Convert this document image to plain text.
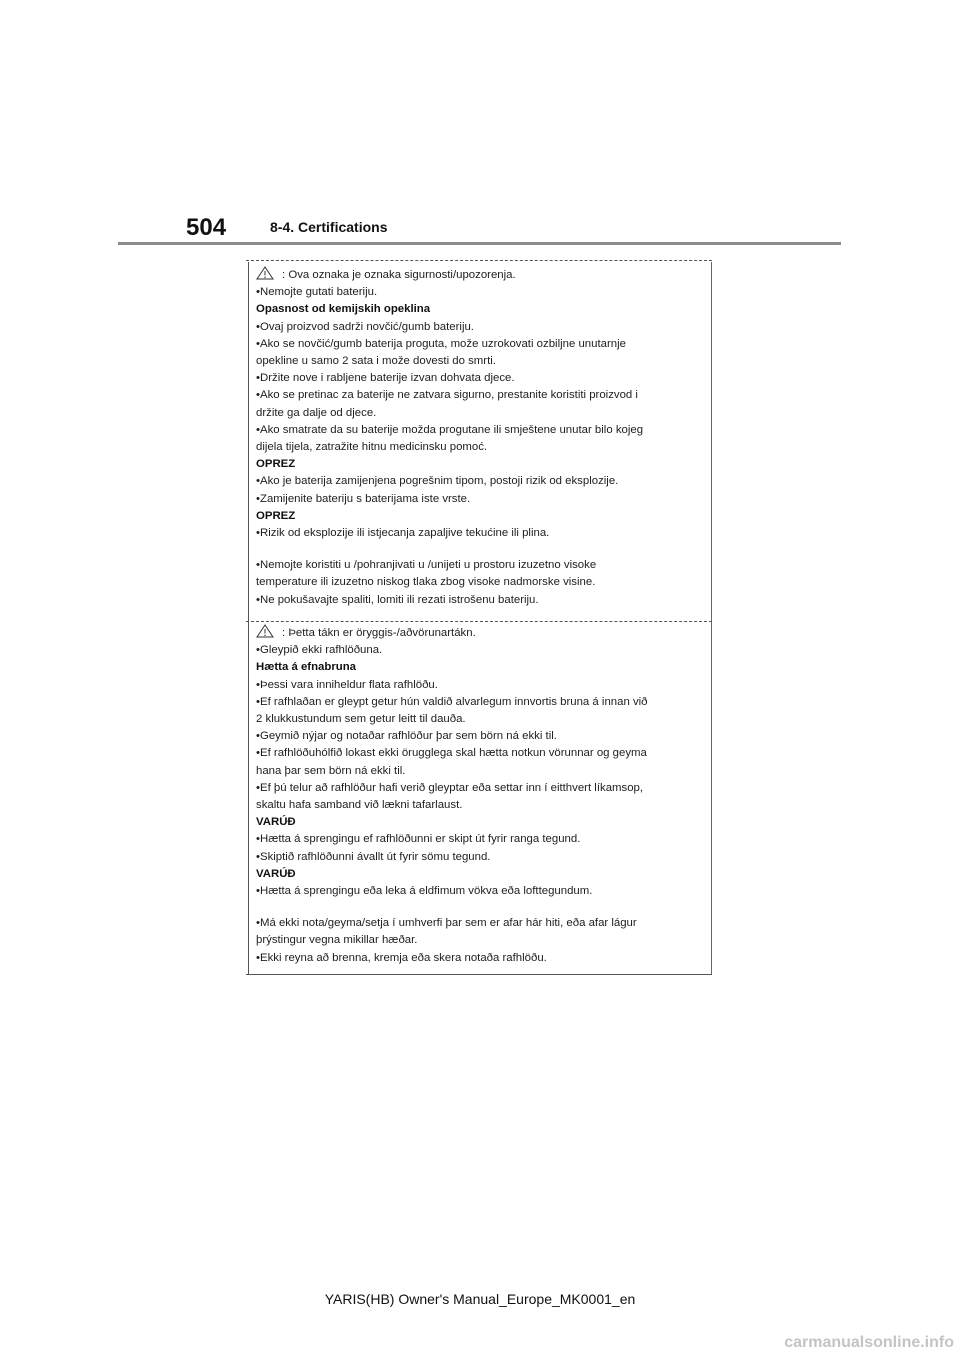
504	8-4. Certifications
: Ova oznaka je oznaka sigurnosti/upozorenja.
•Nemojte gutati bateriju.
Opasnost od kemijskih opeklina
•Ovaj proizvod sadrži novčić/gumb bateriju.
•Ako se novčić/gumb baterija proguta, može uzrokovati ozbiljne unutarnje
opekline u samo 2 sata i može dovesti do smrti.
•Držite nove i rabljene baterije izvan dohvata djece.
•Ako se pretinac za baterije ne zatvara sigurno, prestanite koristiti proizvod i
držite ga dalje od djece.
•Ako smatrate da su baterije možda progutane ili smještene unutar bilo kojeg
dijela tijela, zatražite hitnu medicinsku pomoć.
OPREZ
•Ako je baterija zamijenjena pogrešnim tipom, postoji rizik od eksplozije.
•Zamijenite bateriju s baterijama iste vrste.
OPREZ
•Rizik od eksplozije ili istjecanja zapaljive tekućine ili plina.
•Nemojte koristiti u /pohranjivati u /unijeti u prostoru izuzetno visoke
temperature ili izuzetno niskog tlaka zbog visoke nadmorske visine.
•Ne pokušavajte spaliti, lomiti ili rezati istrošenu bateriju.
: Þetta tákn er öryggis-/aðvörunartákn.
•Gleypið ekki rafhlöðuna.
Hætta á efnabruna
•Þessi vara inniheldur flata rafhlöðu.
•Ef rafhlaðan er gleypt getur hún valdið alvarlegum innvortis bruna á innan við
2 klukkustundum sem getur leitt til dauða.
•Geymið nýjar og notaðar rafhlöður þar sem börn ná ekki til.
•Ef rafhlöðuhólfið lokast ekki örugglega skal hætta notkun vörunnar og geyma
hana þar sem börn ná ekki til.
•Ef þú telur að rafhlöður hafi verið gleyptar eða settar inn í eitthvert líkamsop,
skaltu hafa samband við lækni tafarlaust.
VARÚÐ
•Hætta á sprengingu ef rafhlöðunni er skipt út fyrir ranga tegund.
•Skiptið rafhlöðunni ávallt út fyrir sömu tegund.
VARÚÐ
•Hætta á sprengingu eða leka á eldfimum vökva eða lofttegundum.
•Má ekki nota/geyma/setja í umhverfi þar sem er afar hár hiti, eða afar lágur
þrýstingur vegna mikillar hæðar.
•Ekki reyna að brenna, kremja eða skera notaða rafhlöðu.
YARIS(HB) Owner's Manual_Europe_MK0001_en
carmanualsonline.info
